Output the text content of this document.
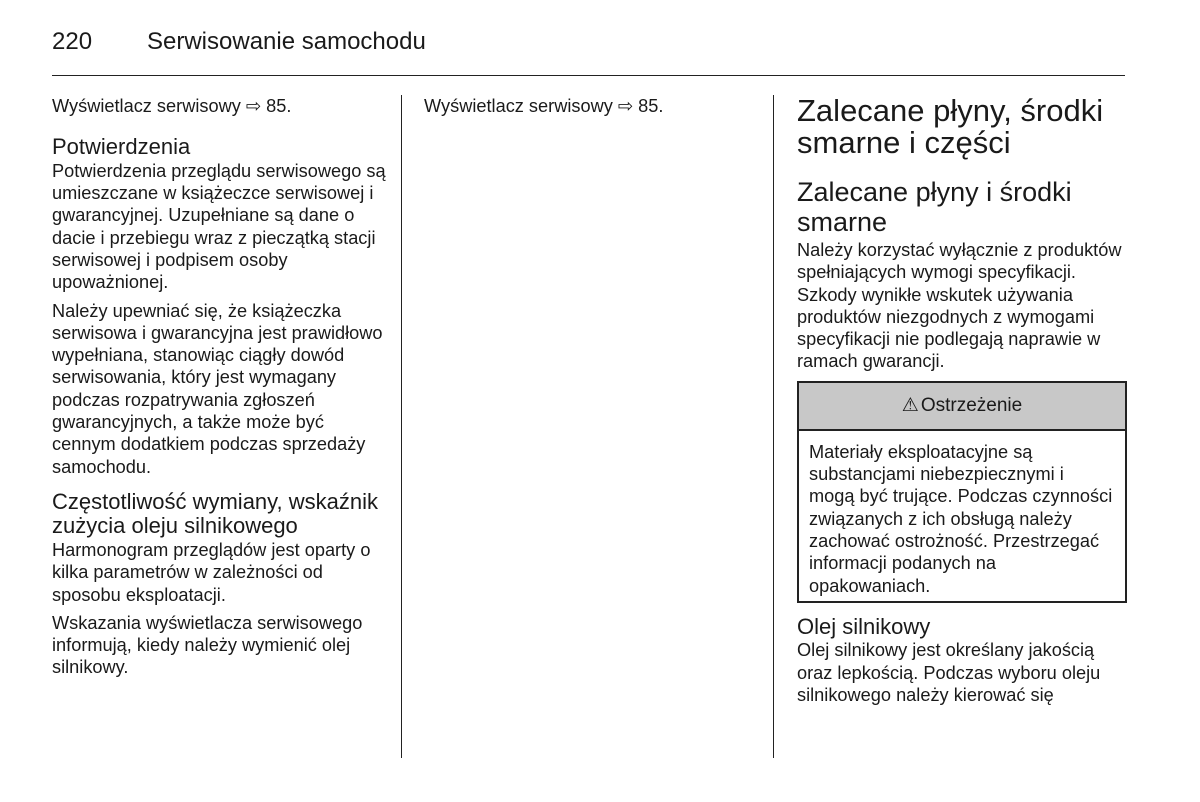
220 Serwisowanie samochodu

Wyświetlacz serwisowy ⇨ 85.

Potwierdzenia

Potwierdzenia przeglądu serwisowego są umieszczane w książeczce serwisowej i gwarancyjnej. Uzupełniane są dane o dacie i przebiegu wraz z pieczątką stacji serwisowej i podpisem osoby upoważnionej.

Należy upewniać się, że książeczka serwisowa i gwarancyjna jest prawidłowo wypełniana, stanowiąc ciągły dowód serwisowania, który jest wymagany podczas rozpatrywania zgłoszeń gwarancyjnych, a także może być cennym dodatkiem podczas sprzedaży samochodu.

Częstotliwość wymiany, wskaźnik zużycia oleju silnikowego

Harmonogram przeglądów jest oparty o kilka parametrów w zależności od sposobu eksploatacji.

Wskazania wyświetlacza serwisowego informują, kiedy należy wymienić olej silnikowy.

Wyświetlacz serwisowy ⇨ 85.	Zalecane płyny, środki smarne i części
Zalecane płyny i środki smarne

Należy korzystać wyłącznie z produktów spełniających wymogi specyfikacji. Szkody wynikłe wskutek używania produktów niezgodnych z wymogami specyfikacji nie podlegają naprawie w ramach gwarancji.

⚠ Ostrzeżenie

Materiały eksploatacyjne są substancjami niebezpiecznymi i mogą być trujące. Podczas czynności związanych z ich obsługą należy zachować ostrożność. Przestrzegać informacji podanych na opakowaniach.

Olej silnikowy

Olej silnikowy jest określany jakością oraz lepkością. Podczas wyboru oleju silnikowego należy kierować się
